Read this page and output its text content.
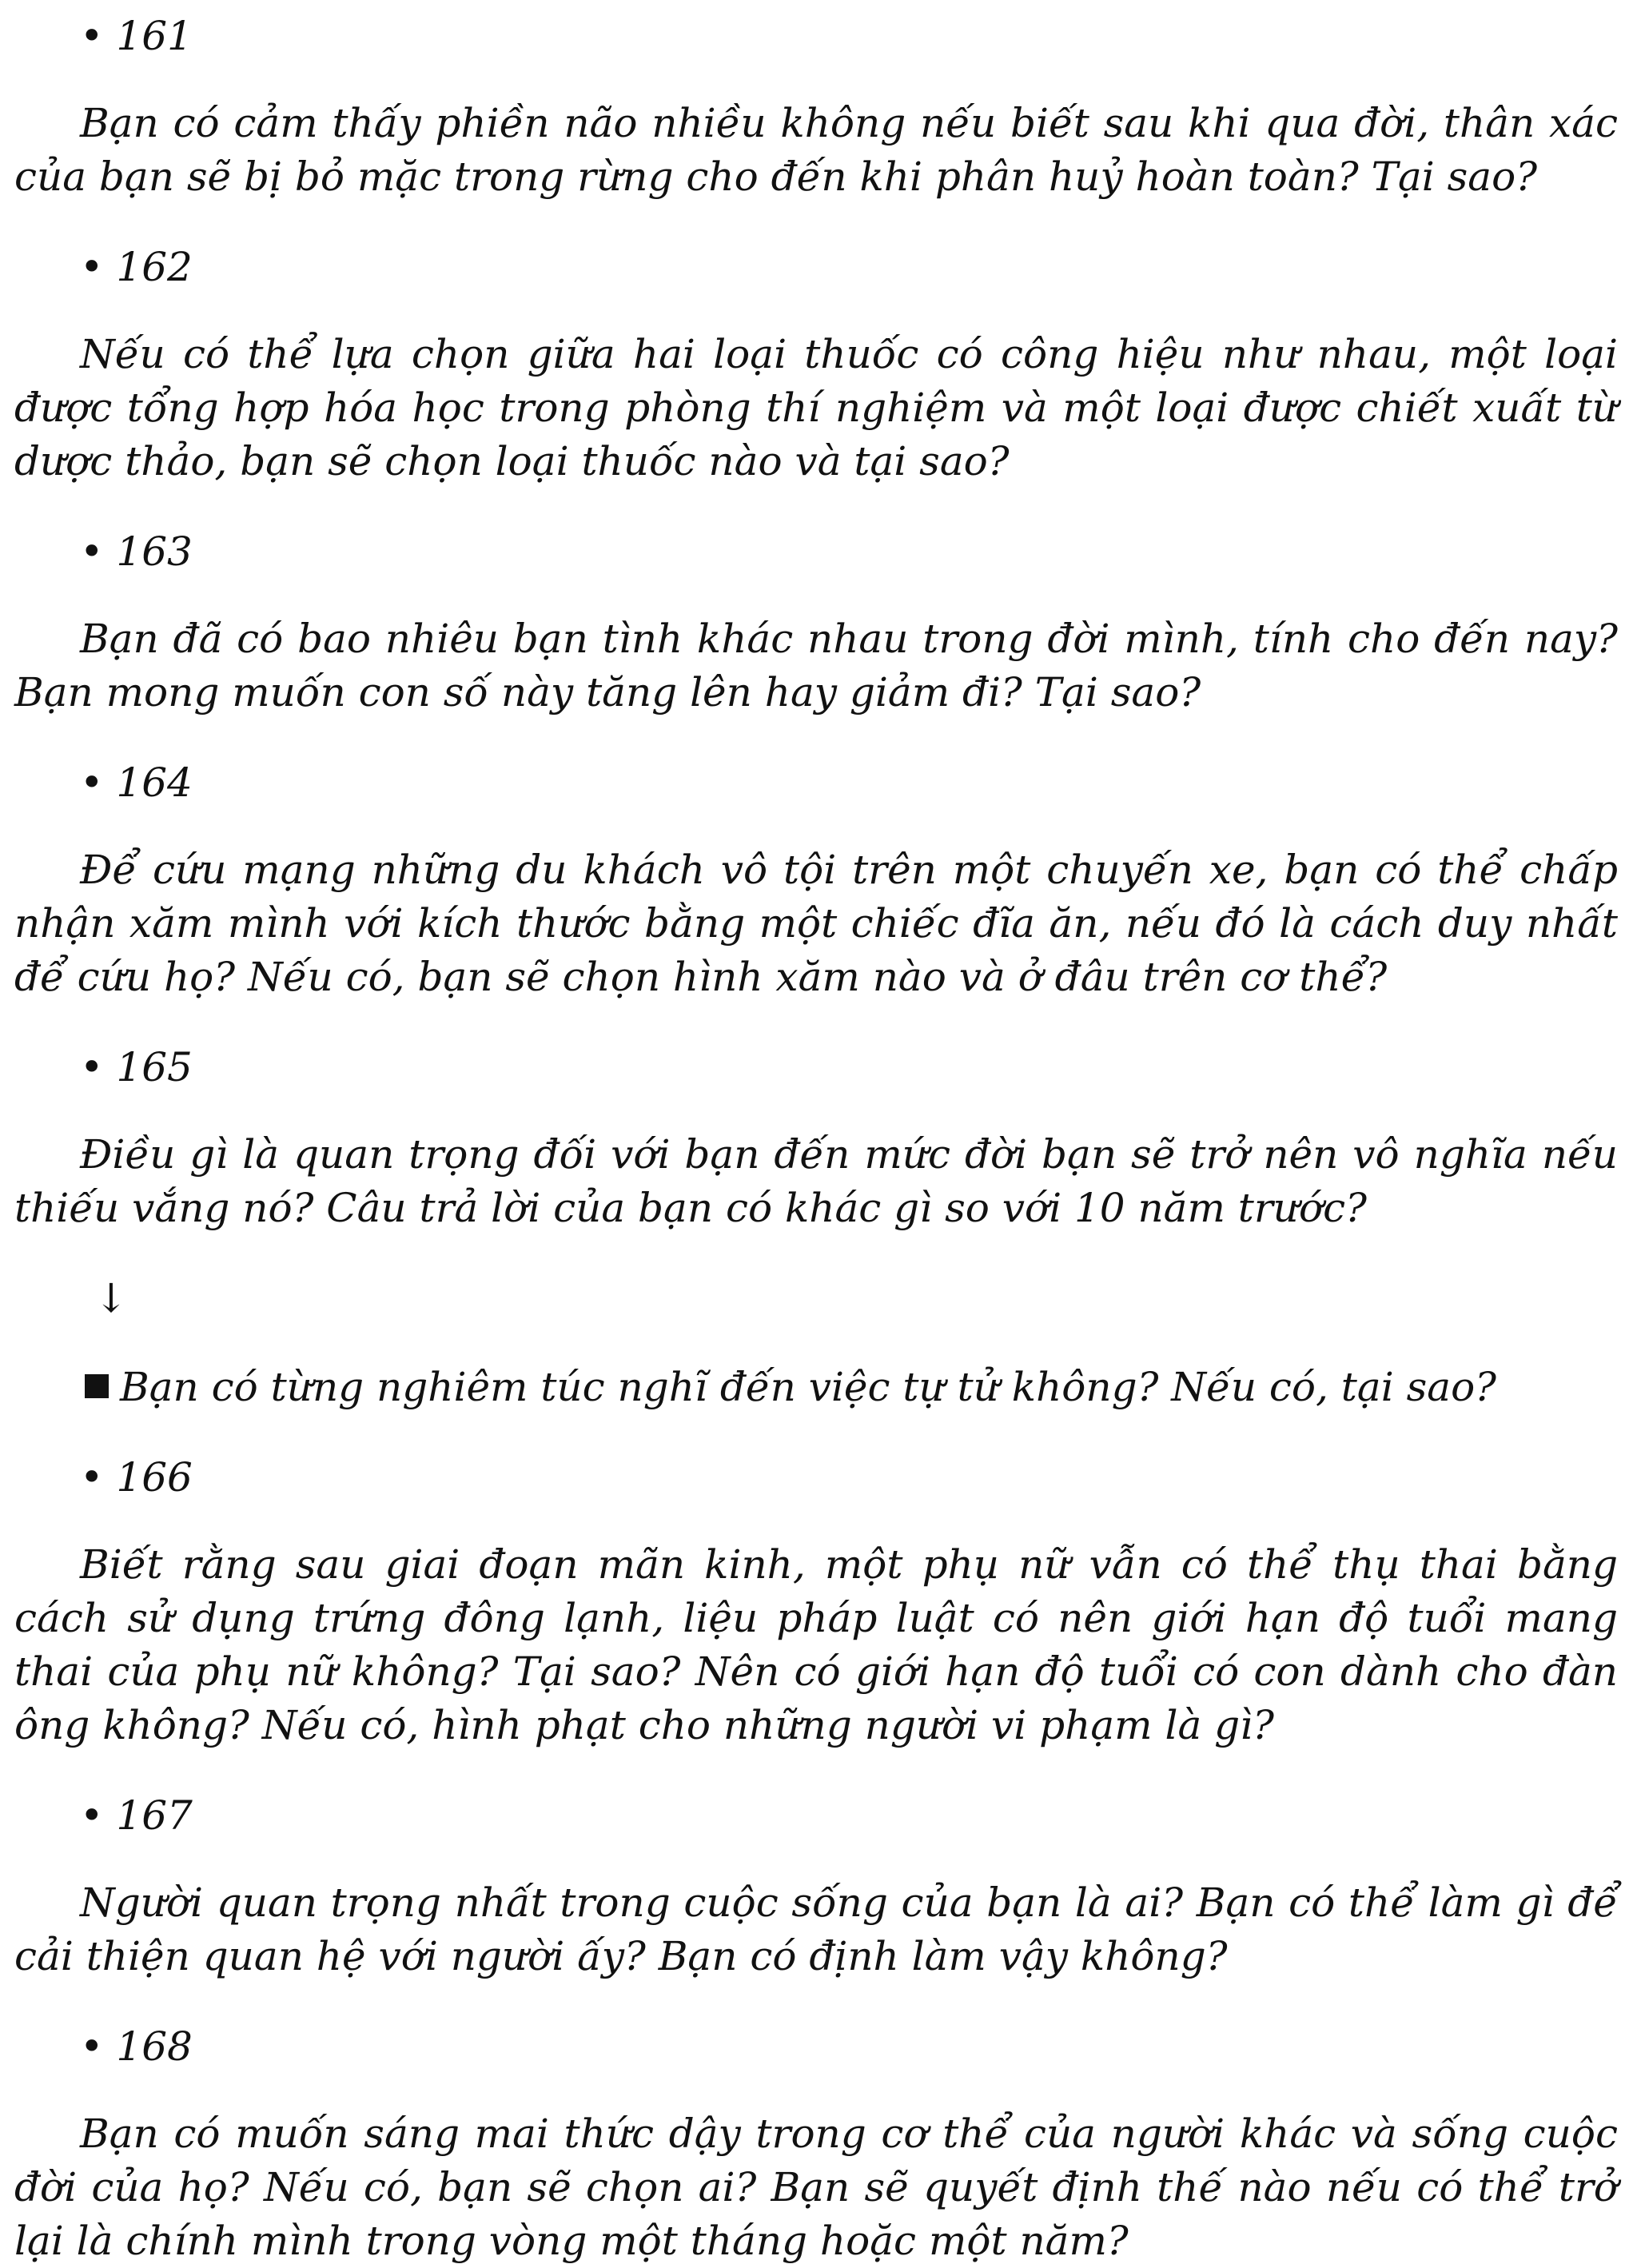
• 161

Bạn có cảm thấy phiền não nhiều không nếu biết sau khi qua đời, thân xác của bạn sẽ bị bỏ mặc trong rừng cho đến khi phân huỷ hoàn toàn? Tại sao?

• 162

Nếu có thể lựa chọn giữa hai loại thuốc có công hiệu như nhau, một loại được tổng hợp hóa học trong phòng thí nghiệm và một loại được chiết xuất từ dược thảo, bạn sẽ chọn loại thuốc nào và tại sao?

• 163

Bạn đã có bao nhiêu bạn tình khác nhau trong đời mình, tính cho đến nay? Bạn mong muốn con số này tăng lên hay giảm đi? Tại sao?

• 164

Để cứu mạng những du khách vô tội trên một chuyến xe, bạn có thể chấp nhận xăm mình với kích thước bằng một chiếc đĩa ăn, nếu đó là cách duy nhất để cứu họ? Nếu có, bạn sẽ chọn hình xăm nào và ở đâu trên cơ thể?

• 165

Điều gì là quan trọng đối với bạn đến mức đời bạn sẽ trở nên vô nghĩa nếu thiếu vắng nó? Câu trả lời của bạn có khác gì so với 10 năm trước?

↓

Bạn có từng nghiêm túc nghĩ đến việc tự tử không? Nếu có, tại sao?

• 166

Biết rằng sau giai đoạn mãn kinh, một phụ nữ vẫn có thể thụ thai bằng cách sử dụng trứng đông lạnh, liệu pháp luật có nên giới hạn độ tuổi mang thai của phụ nữ không? Tại sao? Nên có giới hạn độ tuổi có con dành cho đàn ông không? Nếu có, hình phạt cho những người vi phạm là gì?

• 167

Người quan trọng nhất trong cuộc sống của bạn là ai? Bạn có thể làm gì để cải thiện quan hệ với người ấy? Bạn có định làm vậy không?

• 168

Bạn có muốn sáng mai thức dậy trong cơ thể của người khác và sống cuộc đời của họ? Nếu có, bạn sẽ chọn ai? Bạn sẽ quyết định thế nào nếu có thể trở lại là chính mình trong vòng một tháng hoặc một năm?
